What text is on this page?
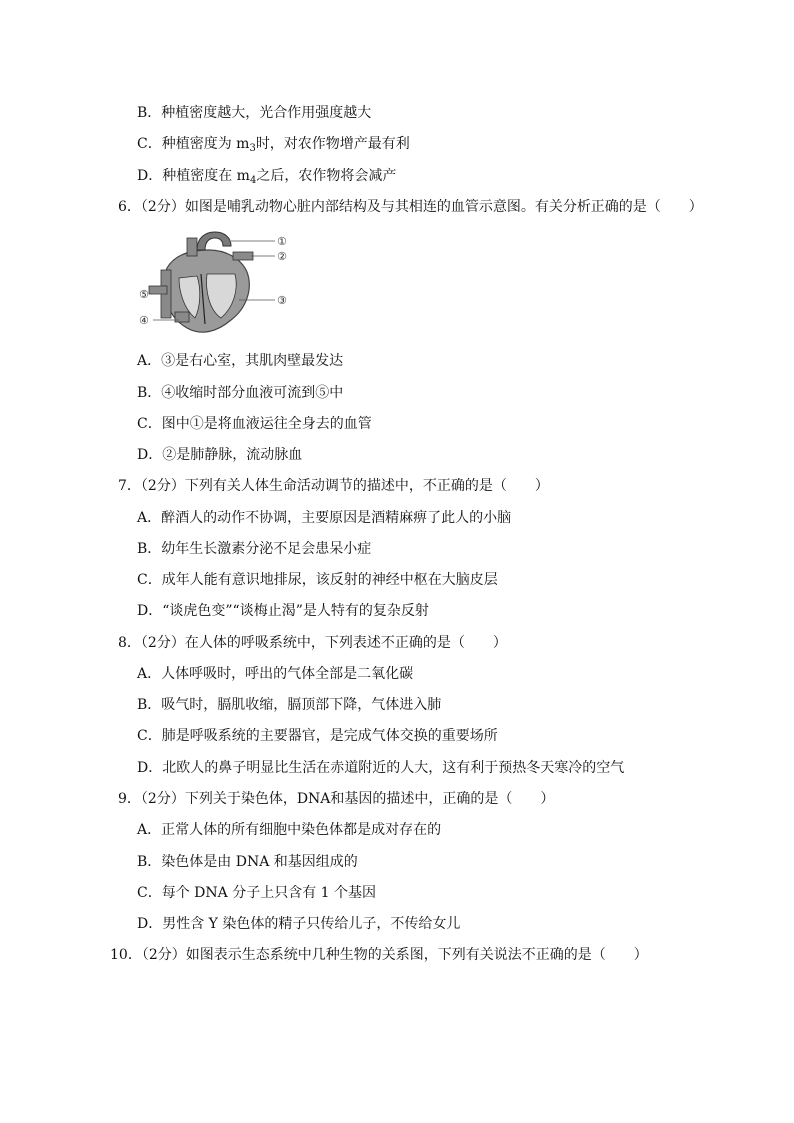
B．种植密度越大，光合作用强度越大
C．种植密度为 $m_3$时，对农作物增产最有利
D．种植密度在 $m_4$之后，农作物将会减产
6．（2分）如图是哺乳动物心脏内部结构及与其相连的血管示意图。有关分析正确的是（　　）
①
②
③
⑤
④
A．③是右心室，其肌肉壁最发达
B．④收缩时部分血液可流到⑤中
C．图中①是将血液运往全身去的血管
D．②是肺静脉，流动脉血
7．（2分）下列有关人体生命活动调节的描述中，不正确的是（　　）
A．醉酒人的动作不协调，主要原因是酒精麻痹了此人的小脑
B．幼年生长激素分泌不足会患呆小症
C．成年人能有意识地排尿，该反射的神经中枢在大脑皮层
D．“谈虎色变”“谈梅止渴”是人特有的复杂反射
8．（2分）在人体的呼吸系统中，下列表述不正确的是（　　）
A．人体呼吸时，呼出的气体全部是二氧化碳
B．吸气时，膈肌收缩，膈顶部下降，气体进入肺
C．肺是呼吸系统的主要器官，是完成气体交换的重要场所
D．北欧人的鼻子明显比生活在赤道附近的人大，这有利于预热冬天寒冷的空气
9．（2分）下列关于染色体，DNA和基因的描述中，正确的是（　　）
A．正常人体的所有细胞中染色体都是成对存在的
B．染色体是由 DNA 和基因组成的
C．每个 DNA 分子上只含有 1 个基因
D．男性含 Y 染色体的精子只传给儿子，不传给女儿
10．（2分）如图表示生态系统中几种生物的关系图，下列有关说法不正确的是（　　）
